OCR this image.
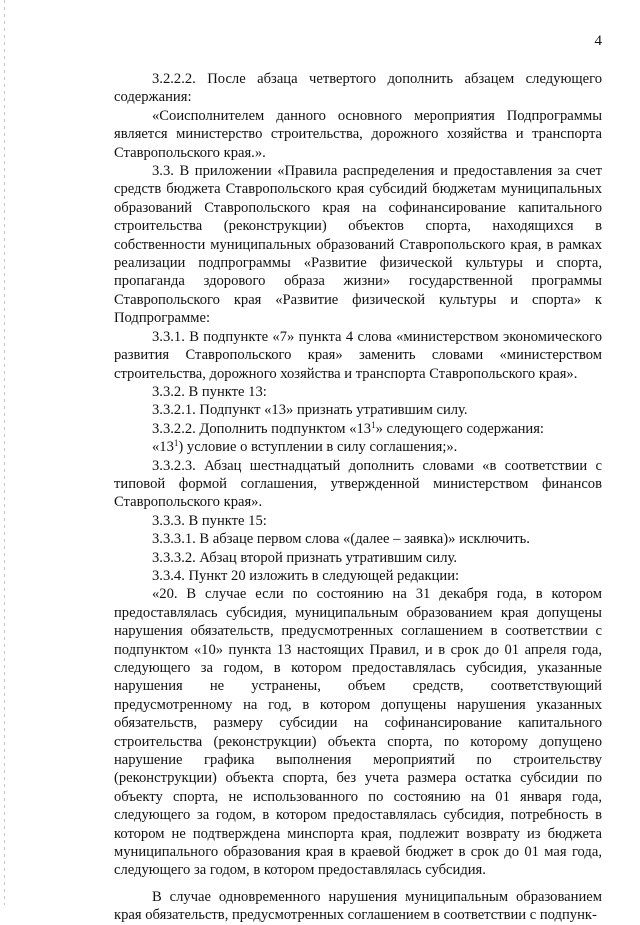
4

3.2.2.2. После абзаца четвертого дополнить абзацем следующего содержания:

«Соисполнителем данного основного мероприятия Подпрограммы является министерство строительства, дорожного хозяйства и транспорта Ставропольского края.».

3.3. В приложении «Правила распределения и предоставления за счет средств бюджета Ставропольского края субсидий бюджетам муниципальных образований Ставропольского края на софинансирование капитального строительства (реконструкции) объектов спорта, находящихся в собственности муниципальных образований Ставропольского края, в рамках реализации подпрограммы «Развитие физической культуры и спорта, пропаганда здорового образа жизни» государственной программы Ставропольского края «Развитие физической культуры и спорта» к Подпрограмме:

3.3.1. В подпункте «7» пункта 4 слова «министерством экономического развития Ставропольского края» заменить словами «министерством строительства, дорожного хозяйства и транспорта Ставропольского края».

3.3.2. В пункте 13:

3.3.2.1. Подпункт «13» признать утратившим силу.

3.3.2.2. Дополнить подпунктом «$13^1$» следующего содержания:

«$13^1$) условие о вступлении в силу соглашения;».

3.3.2.3. Абзац шестнадцатый дополнить словами «в соответствии с типовой формой соглашения, утвержденной министерством финансов Ставропольского края».

3.3.3. В пункте 15:

3.3.3.1. В абзаце первом слова «(далее – заявка)» исключить.

3.3.3.2. Абзац второй признать утратившим силу.

3.3.4. Пункт 20 изложить в следующей редакции:

«20. В случае если по состоянию на 31 декабря года, в котором предоставлялась субсидия, муниципальным образованием края допущены нарушения обязательств, предусмотренных соглашением в соответствии с подпунктом «10» пункта 13 настоящих Правил, и в срок до 01 апреля года, следующего за годом, в котором предоставлялась субсидия, указанные нарушения не устранены, объем средств, соответствующий предусмотренному на год, в котором допущены нарушения указанных обязательств, размеру субсидии на софинансирование капитального строительства (реконструкции) объекта спорта, по которому допущено нарушение графика выполнения мероприятий по строительству (реконструкции) объекта спорта, без учета размера остатка субсидии по объекту спорта, не использованного по состоянию на 01 января года, следующего за годом, в котором предоставлялась субсидия, потребность в котором не подтверждена минспорта края, подлежит возврату из бюджета муниципального образования края в краевой бюджет в срок до 01 мая года, следующего за годом, в котором предоставлялась субсидия.

В случае одновременного нарушения муниципальным образованием края обязательств, предусмотренных соглашением в соответствии с подпунк-
